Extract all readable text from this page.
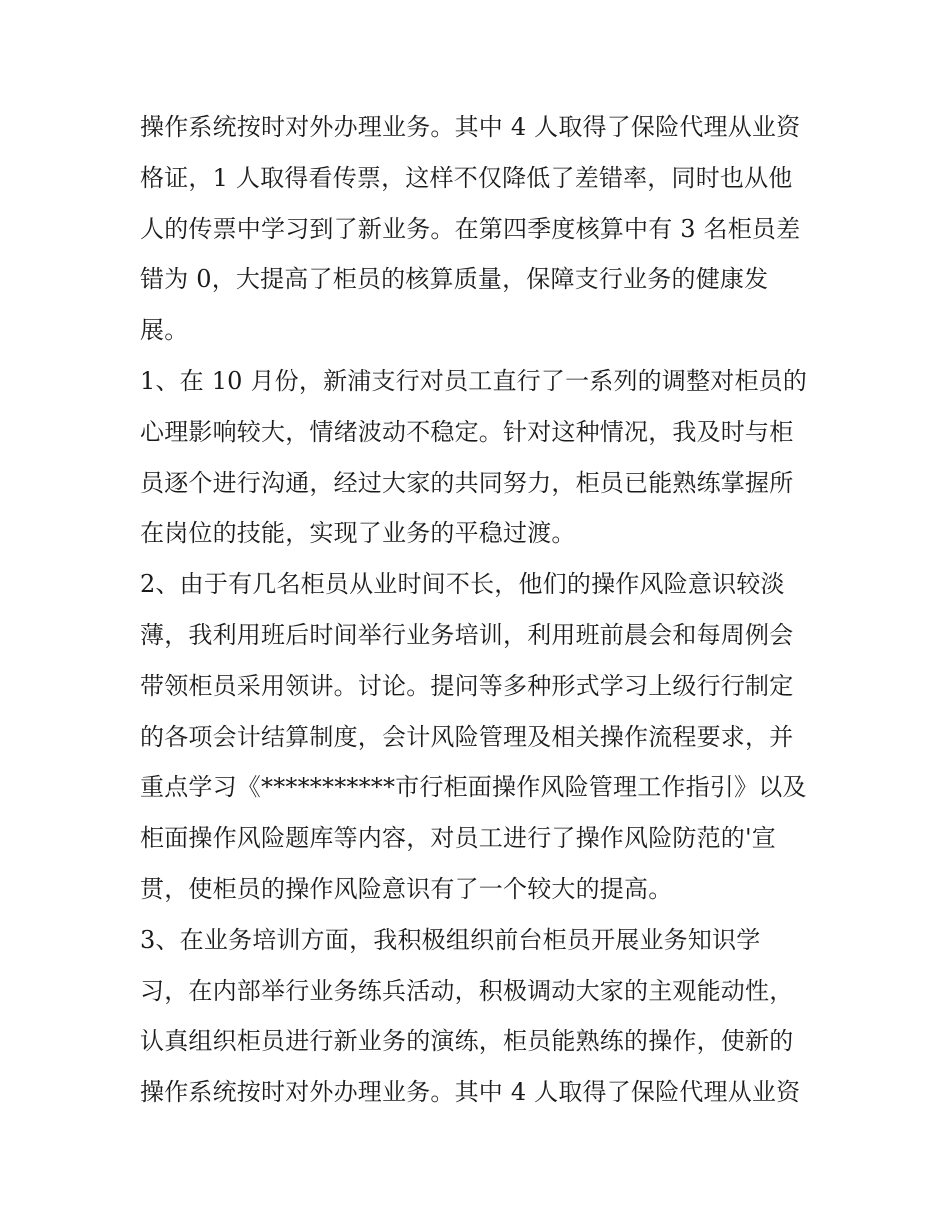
操作系统按时对外办理业务。其中 4 人取得了保险代理从业资
格证，1 人取得看传票，这样不仅降低了差错率，同时也从他
人的传票中学习到了新业务。在第四季度核算中有 3 名柜员差
错为 0，大提高了柜员的核算质量，保障支行业务的健康发
展。
1、在 10 月份，新浦支行对员工直行了一系列的调整对柜员的
心理影响较大，情绪波动不稳定。针对这种情况，我及时与柜
员逐个进行沟通，经过大家的共同努力，柜员已能熟练掌握所
在岗位的技能，实现了业务的平稳过渡。
2、由于有几名柜员从业时间不长，他们的操作风险意识较淡
薄，我利用班后时间举行业务培训，利用班前晨会和每周例会
带领柜员采用领讲。讨论。提问等多种形式学习上级行行制定
的各项会计结算制度，会计风险管理及相关操作流程要求，并
重点学习《***********市行柜面操作风险管理工作指引》以及
柜面操作风险题库等内容，对员工进行了操作风险防范的'宣
贯，使柜员的操作风险意识有了一个较大的提高。
3、在业务培训方面，我积极组织前台柜员开展业务知识学
习，在内部举行业务练兵活动，积极调动大家的主观能动性，
认真组织柜员进行新业务的演练，柜员能熟练的操作，使新的
操作系统按时对外办理业务。其中 4 人取得了保险代理从业资
